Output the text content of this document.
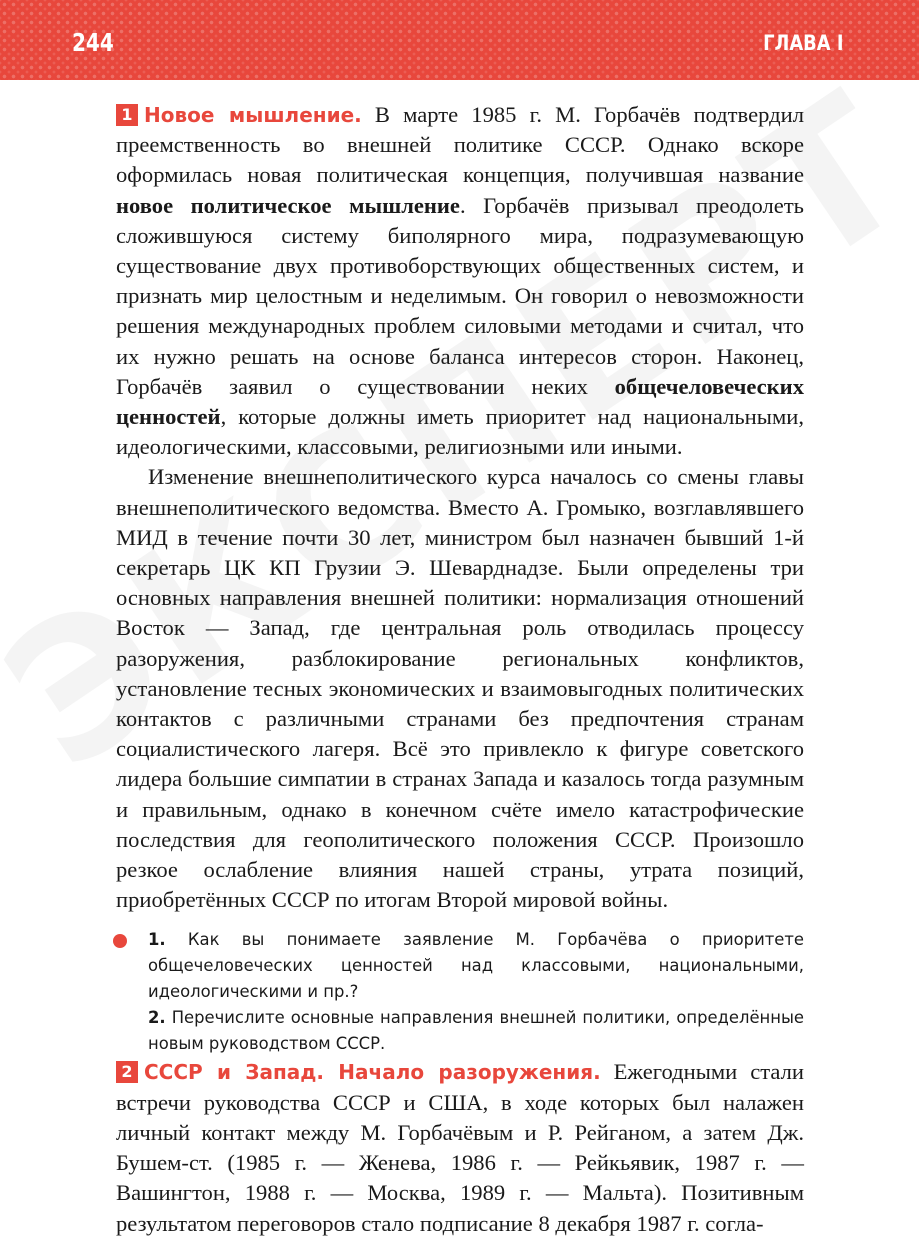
244	ГЛАВА I

1 Новое мышление. В марте 1985 г. М. Горбачёв подтвердил преемственность во внешней политике СССР. Однако вскоре оформилась новая политическая концепция, получившая название новое политическое мышление. Горбачёв призывал преодолеть сложившуюся систему биполярного мира, подразумевающую существование двух противоборствующих общественных систем, и признать мир целостным и неделимым. Он говорил о невозможности решения международных проблем силовыми методами и считал, что их нужно решать на основе баланса интересов сторон. Наконец, Горбачёв заявил о существовании неких общечеловеческих ценностей, которые должны иметь приоритет над национальными, идеологическими, классовыми, религиозными или иными.

Изменение внешнеполитического курса началось со смены главы внешнеполитического ведомства. Вместо А. Громыко, возглавлявшего МИД в течение почти 30 лет, министром был назначен бывший 1-й секретарь ЦК КП Грузии Э. Шеварднадзе. Были определены три основных направления внешней политики: нормализация отношений Восток — Запад, где центральная роль отводилась процессу разоружения, разблокирование региональных конфликтов, установление тесных экономических и взаимовыгодных политических контактов с различными странами без предпочтения странам социалистического лагеря. Всё это привлекло к фигуре советского лидера большие симпатии в странах Запада и казалось тогда разумным и правильным, однако в конечном счёте имело катастрофические последствия для геополитического положения СССР. Произошло резкое ослабление влияния нашей страны, утрата позиций, приобретённых СССР по итогам Второй мировой войны.

1. Как вы понимаете заявление М. Горбачёва о приоритете общечеловеческих ценностей над классовыми, национальными, идеологическими и пр.?
2. Перечислите основные направления внешней политики, определённые новым руководством СССР.

2 СССР и Запад. Начало разоружения. Ежегодными стали встречи руководства СССР и США, в ходе которых был налажен личный контакт между М. Горбачёвым и Р. Рейганом, а затем Дж. Бушем-ст. (1985 г. — Женева, 1986 г. — Рейкьявик, 1987 г. — Вашингтон, 1988 г. — Москва, 1989 г. — Мальта). Позитивным результатом переговоров стало подписание 8 декабря 1987 г. согла-
